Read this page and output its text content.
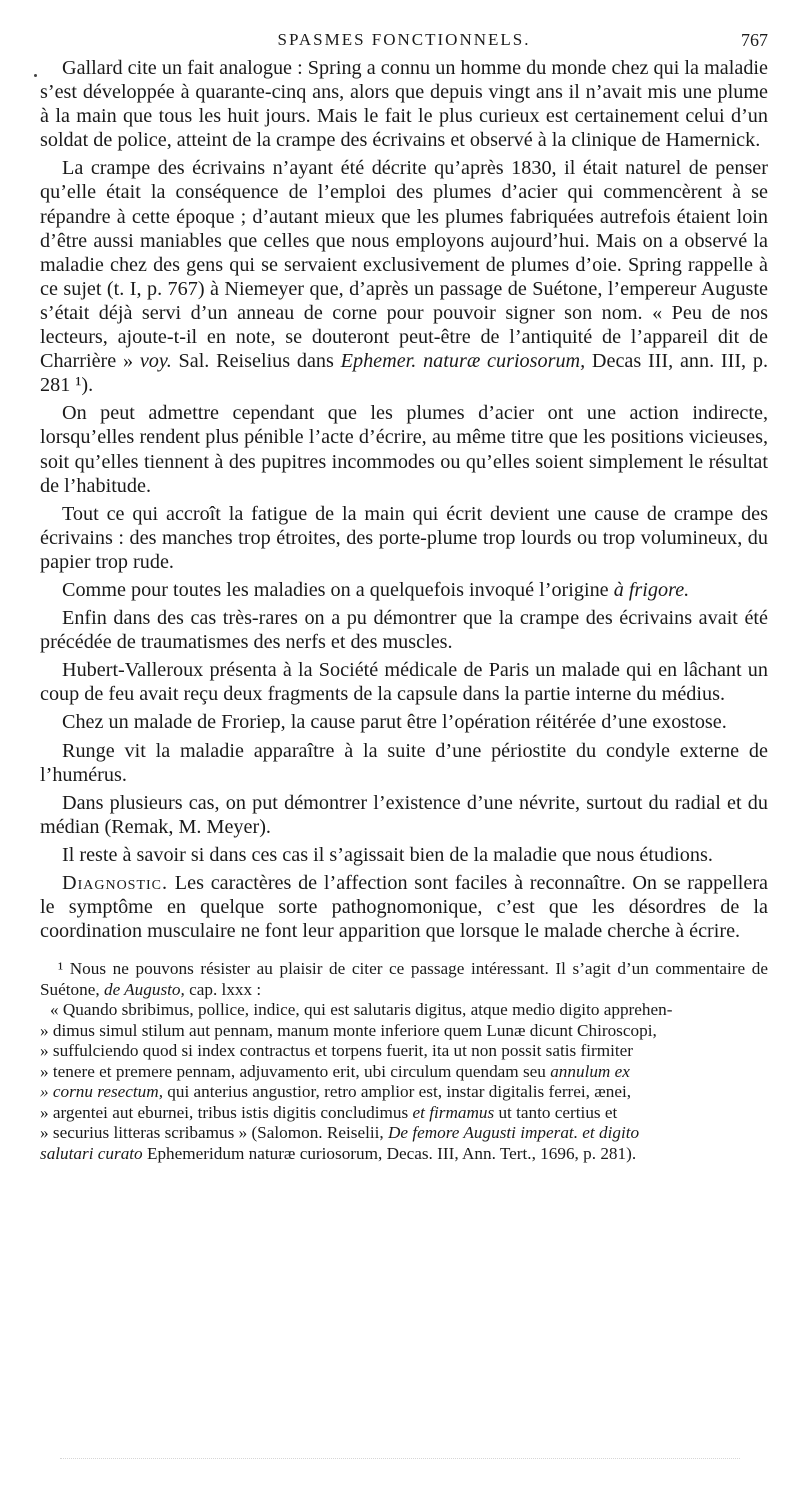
SPASMES FONCTIONNELS.	767

Gallard cite un fait analogue : Spring a connu un homme du monde chez qui la maladie s’est développée à quarante-cinq ans, alors que depuis vingt ans il n’avait mis une plume à la main que tous les huit jours. Mais le fait le plus curieux est certainement celui d’un soldat de police, atteint de la crampe des écrivains et observé à la clinique de Hamernick.

La crampe des écrivains n’ayant été décrite qu’après 1830, il était naturel de penser qu’elle était la conséquence de l’emploi des plumes d’acier qui commencèrent à se répandre à cette époque ; d’autant mieux que les plumes fabriquées autrefois étaient loin d’être aussi maniables que celles que nous employons aujourd’hui. Mais on a observé la maladie chez des gens qui se servaient exclusivement de plumes d’oie. Spring rappelle à ce sujet (t. I, p. 767) à Niemeyer que, d’après un passage de Suétone, l’empereur Auguste s’était déjà servi d’un anneau de corne pour pouvoir signer son nom. « Peu de nos lecteurs, ajoute-t-il en note, se douteront peut-être de l’antiquité de l’appareil dit de Charrière » voy. Sal. Reiselius dans Ephemer. naturæ curiosorum, Decas III, ann. III, p. 281 ¹).

On peut admettre cependant que les plumes d’acier ont une action indirecte, lorsqu’elles rendent plus pénible l’acte d’écrire, au même titre que les positions vicieuses, soit qu’elles tiennent à des pupitres incommodes ou qu’elles soient simplement le résultat de l’habitude.

Tout ce qui accroît la fatigue de la main qui écrit devient une cause de crampe des écrivains : des manches trop étroites, des porte-plume trop lourds ou trop volumineux, du papier trop rude.

Comme pour toutes les maladies on a quelquefois invoqué l’origine à frigore.

Enfin dans des cas très-rares on a pu démontrer que la crampe des écrivains avait été précédée de traumatismes des nerfs et des muscles.

Hubert-Valleroux présenta à la Société médicale de Paris un malade qui en lâchant un coup de feu avait reçu deux fragments de la capsule dans la partie interne du médius.

Chez un malade de Froriep, la cause parut être l’opération réitérée d’une exostose.

Runge vit la maladie apparaître à la suite d’une périostite du condyle externe de l’humérus.

Dans plusieurs cas, on put démontrer l’existence d’une névrite, surtout du radial et du médian (Remak, M. Meyer).

Il reste à savoir si dans ces cas il s’agissait bien de la maladie que nous étudions.

Diagnostic. Les caractères de l’affection sont faciles à reconnaître. On se rappellera le symptôme en quelque sorte pathognomonique, c’est que les désordres de la coordination musculaire ne font leur apparition que lorsque le malade cherche à écrire.

¹ Nous ne pouvons résister au plaisir de citer ce passage intéressant. Il s’agit d’un commentaire de Suétone, de Augusto, cap. lxxx :

« Quando sbribimus, pollice, indice, qui est salutaris digitus, atque medio digito apprehen-

» dimus simul stilum aut pennam, manum monte inferiore quem Lunæ dicunt Chiroscopi,

» suffulciendo quod si index contractus et torpens fuerit, ita ut non possit satis firmiter

» tenere et premere pennam, adjuvamento erit, ubi circulum quendam seu annulum ex

» cornu resectum, qui anterius angustior, retro amplior est, instar digitalis ferrei, æneі,

» argentei aut eburnei, tribus istis digitis concludimus et firmamus ut tanto certius et

» securius litteras scribamus » (Salomon. Reiselii, De femore Augusti imperat. et digito

salutari curato Ephemeridum naturæ curiosorum, Decas. III, Ann. Tert., 1696, p. 281).
